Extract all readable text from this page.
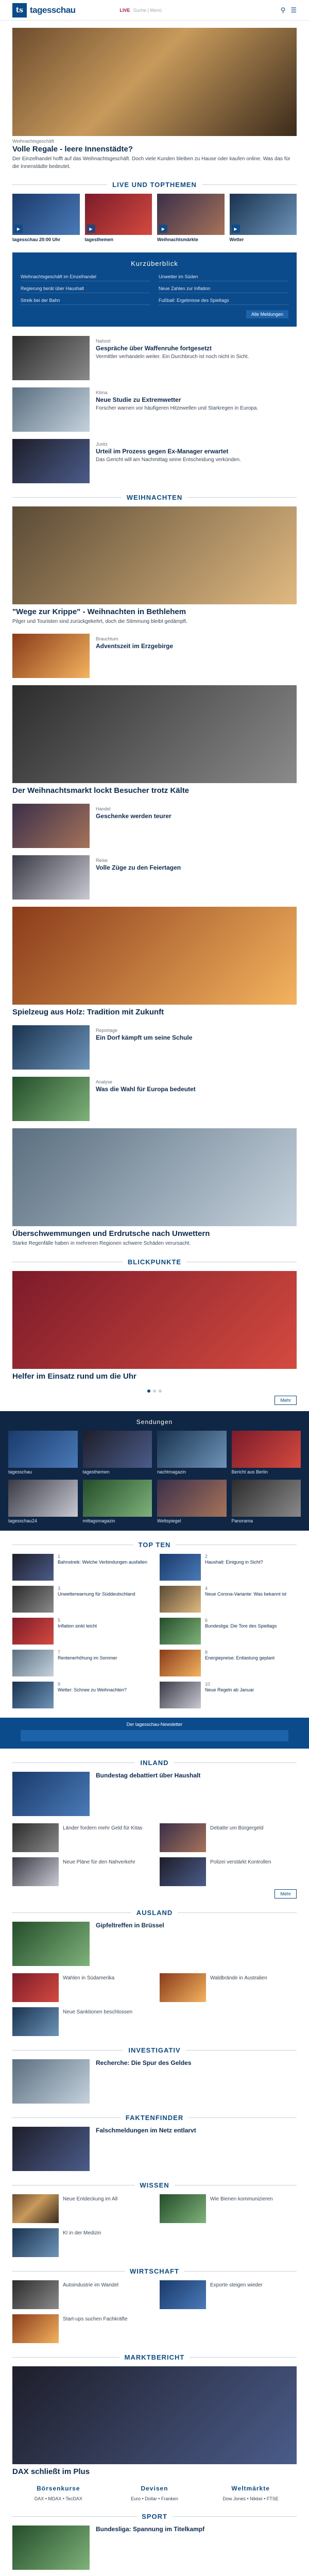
ts tagesschau	LIVE Suche | Menü	⚲ ☰
Weihnachtsgeschäft
Volle Regale - leere Innenstädte?
Der Einzelhandel hofft auf das Weihnachtsgeschäft. Doch viele Kunden bleiben zu Hause oder kaufen online. Was das für die Innenstädte bedeutet.
LIVE UND TOPTHEMEN
▶
tagesschau 20:00 Uhr
▶
tagesthemen
▶
Weihnachtsmärkte
▶
Wetter
Kurzüberblick
Weihnachtsgeschäft im Einzelhandel	Unwetter im Süden
Regierung berät über Haushalt	Neue Zahlen zur Inflation
Streik bei der Bahn	Fußball: Ergebnisse des Spieltags
Alle Meldungen
Nahost
Gespräche über Waffenruhe fortgesetzt
Vermittler verhandeln weiter. Ein Durchbruch ist noch nicht in Sicht.
Klima
Neue Studie zu Extremwetter
Forscher warnen vor häufigeren Hitzewellen und Starkregen in Europa.
Justiz
Urteil im Prozess gegen Ex-Manager erwartet
Das Gericht will am Nachmittag seine Entscheidung verkünden.
WEIHNACHTEN
"Wege zur Krippe" - Weihnachten in Bethlehem
Pilger und Touristen sind zurückgekehrt, doch die Stimmung bleibt gedämpft.
Brauchtum
Adventszeit im Erzgebirge
Der Weihnachtsmarkt lockt Besucher trotz Kälte
Handel
Geschenke werden teurer
Reise
Volle Züge zu den Feiertagen
Spielzeug aus Holz: Tradition mit Zukunft
Reportage
Ein Dorf kämpft um seine Schule
Analyse
Was die Wahl für Europa bedeutet
Überschwemmungen und Erdrutsche nach Unwettern
Starke Regenfälle haben in mehreren Regionen schwere Schäden verursacht.
BLICKPUNKTE
Helfer im Einsatz rund um die Uhr
Mehr
Sendungen
tagesschau	tagesthemen	nachtmagazin	Bericht aus Berlin
tagesschau24	mittagsmagazin	Weltspiegel	Panorama
TOP TEN
1
Bahnstreik: Welche Verbindungen ausfallen
2
Haushalt: Einigung in Sicht?
3
Unwetterwarnung für Süddeutschland
4
Neue Corona-Variante: Was bekannt ist
5
Inflation sinkt leicht
6
Bundesliga: Die Tore des Spieltags
7
Rentenerhöhung im Sommer
8
Energiepreise: Entlastung geplant
9
Wetter: Schnee zu Weihnachten?
10
Neue Regeln ab Januar
Der tagesschau-Newsletter
INLAND
Bundestag debattiert über Haushalt
Länder fordern mehr Geld für Kitas	Debatte um Bürgergeld
Neue Pläne für den Nahverkehr	Polizei verstärkt Kontrollen
Mehr
AUSLAND
Gipfeltreffen in Brüssel
Wahlen in Südamerika	Waldbrände in Australien
Neue Sanktionen beschlossen
INVESTIGATIV
Recherche: Die Spur des Geldes
FAKTENFINDER
Falschmeldungen im Netz entlarvt
WISSEN
Neue Entdeckung im All	Wie Bienen kommunizieren
KI in der Medizin
WIRTSCHAFT
Autoindustrie im Wandel	Exporte steigen wieder
Start-ups suchen Fachkräfte
MARKTBERICHT
DAX schließt im Plus
Börsenkurse
DAX • MDAX • TecDAX
Devisen
Euro • Dollar • Franken
Weltmärkte
Dow Jones • Nikkei • FTSE
SPORT
Bundesliga: Spannung im Titelkampf
